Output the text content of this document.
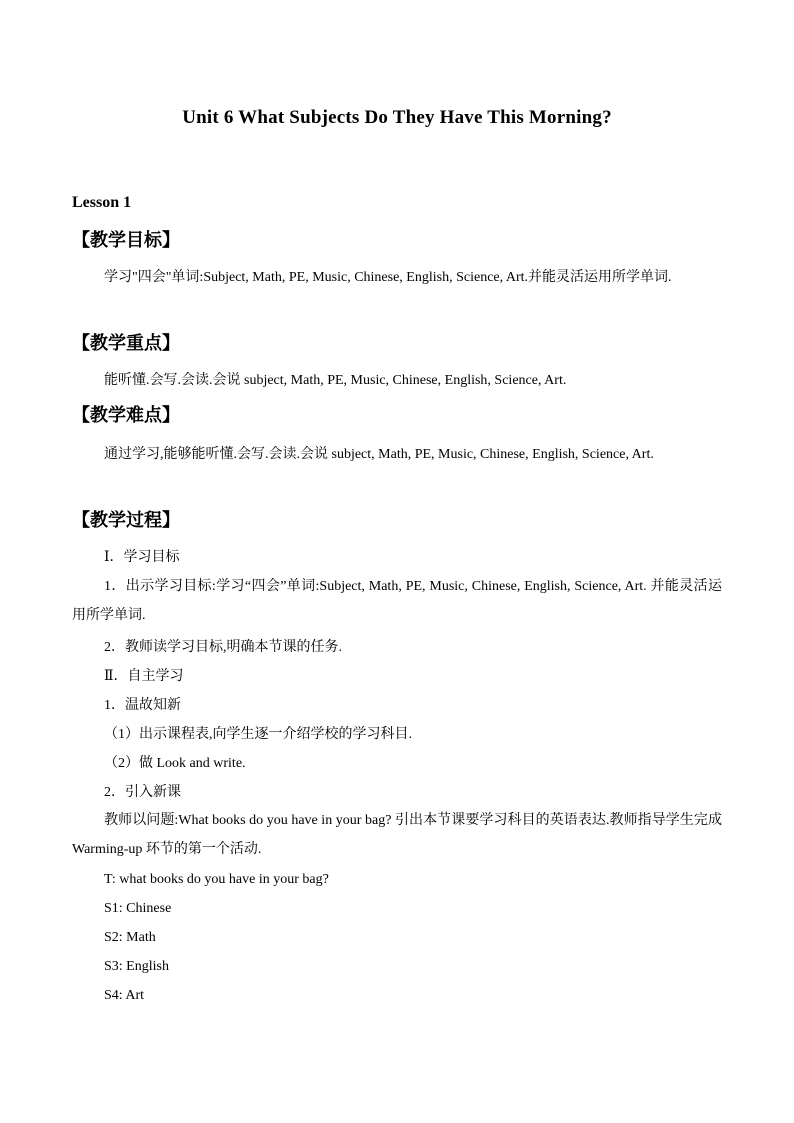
Unit 6 What Subjects Do They Have This Morning?
Lesson 1
【教学目标】
学习"四会"单词:Subject, Math, PE, Music, Chinese, English, Science, Art.并能灵活运用所学单词.
【教学重点】
能听懂.会写.会读.会说 subject, Math, PE, Music, Chinese, English, Science, Art.
【教学难点】
通过学习,能够能听懂.会写.会读.会说 subject, Math, PE, Music, Chinese, English, Science, Art.
【教学过程】
Ⅰ．学习目标
1．出示学习目标:学习“四会”单词:Subject, Math, PE, Music, Chinese, English, Science, Art. 并能灵活运用所学单词.
2．教师读学习目标,明确本节课的任务.
Ⅱ．自主学习
1．温故知新
（1）出示课程表,向学生逐一介绍学校的学习科目.
（2）做 Look and write.
2．引入新课
教师以问题:What books do you have in your bag? 引出本节课要学习科目的英语表达.教师指导学生完成 Warming-up 环节的第一个活动.
T: what books do you have in your bag?
S1: Chinese
S2: Math
S3: English
S4: Art
